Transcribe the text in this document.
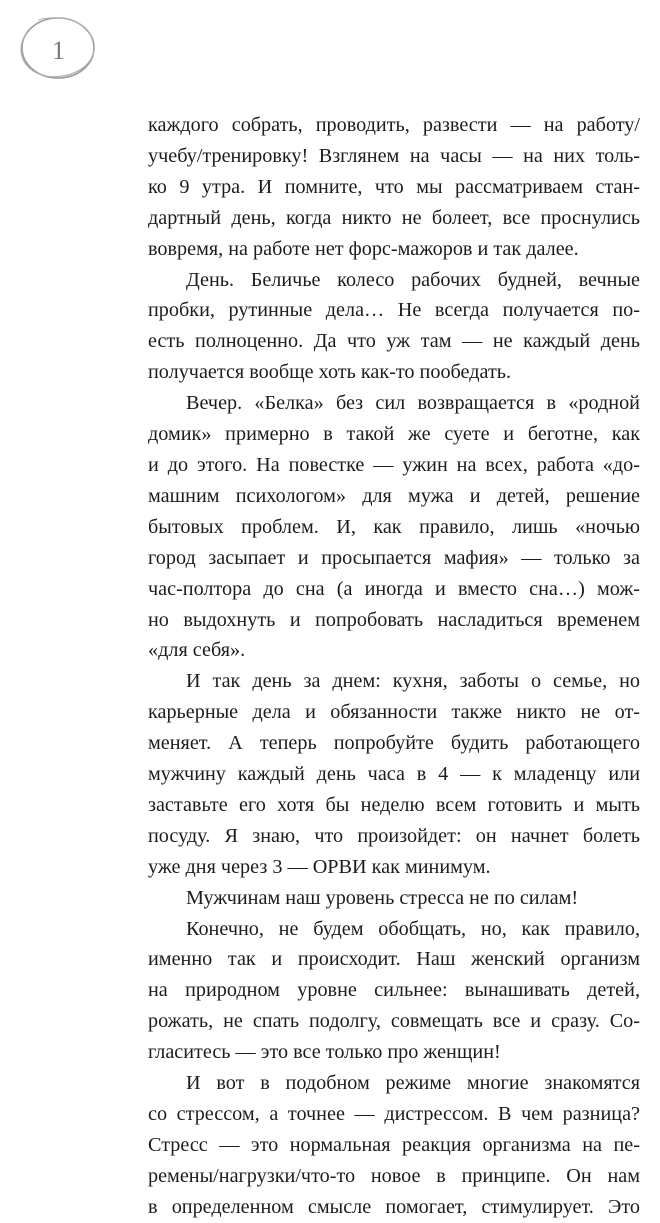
1
каждого собрать, проводить, развести — на работу/
учебу/тренировку! Взглянем на часы — на них толь-
ко 9 утра. И помните, что мы рассматриваем стан-
дартный день, когда никто не болеет, все проснулись
вовремя, на работе нет форс-мажоров и так далее.
День. Беличье колесо рабочих будней, вечные
пробки, рутинные дела… Не всегда получается по-
есть полноценно. Да что уж там — не каждый день
получается вообще хоть как-то пообедать.
Вечер. «Белка» без сил возвращается в «родной
домик» примерно в такой же суете и беготне, как
и до этого. На повестке — ужин на всех, работа «до-
машним психологом» для мужа и детей, решение
бытовых проблем. И, как правило, лишь «ночью
город засыпает и просыпается мафия» — только за
час-полтора до сна (а иногда и вместо сна…) мож-
но выдохнуть и попробовать насладиться временем
«для себя».
И так день за днем: кухня, заботы о семье, но
карьерные дела и обязанности также никто не от-
меняет. А теперь попробуйте будить работающего
мужчину каждый день часа в 4 — к младенцу или
заставьте его хотя бы неделю всем готовить и мыть
посуду. Я знаю, что произойдет: он начнет болеть
уже дня через 3 — ОРВИ как минимум.
Мужчинам наш уровень стресса не по силам!
Конечно, не будем обобщать, но, как правило,
именно так и происходит. Наш женский организм
на природном уровне сильнее: вынашивать детей,
рожать, не спать подолгу, совмещать все и сразу. Со-
гласитесь — это все только про женщин!
И вот в подобном режиме многие знакомятся
со стрессом, а точнее — дистрессом. В чем разница?
Стресс — это нормальная реакция организма на пе-
ремены/нагрузки/что-то новое в принципе. Он нам
в определенном смысле помогает, стимулирует. Это
